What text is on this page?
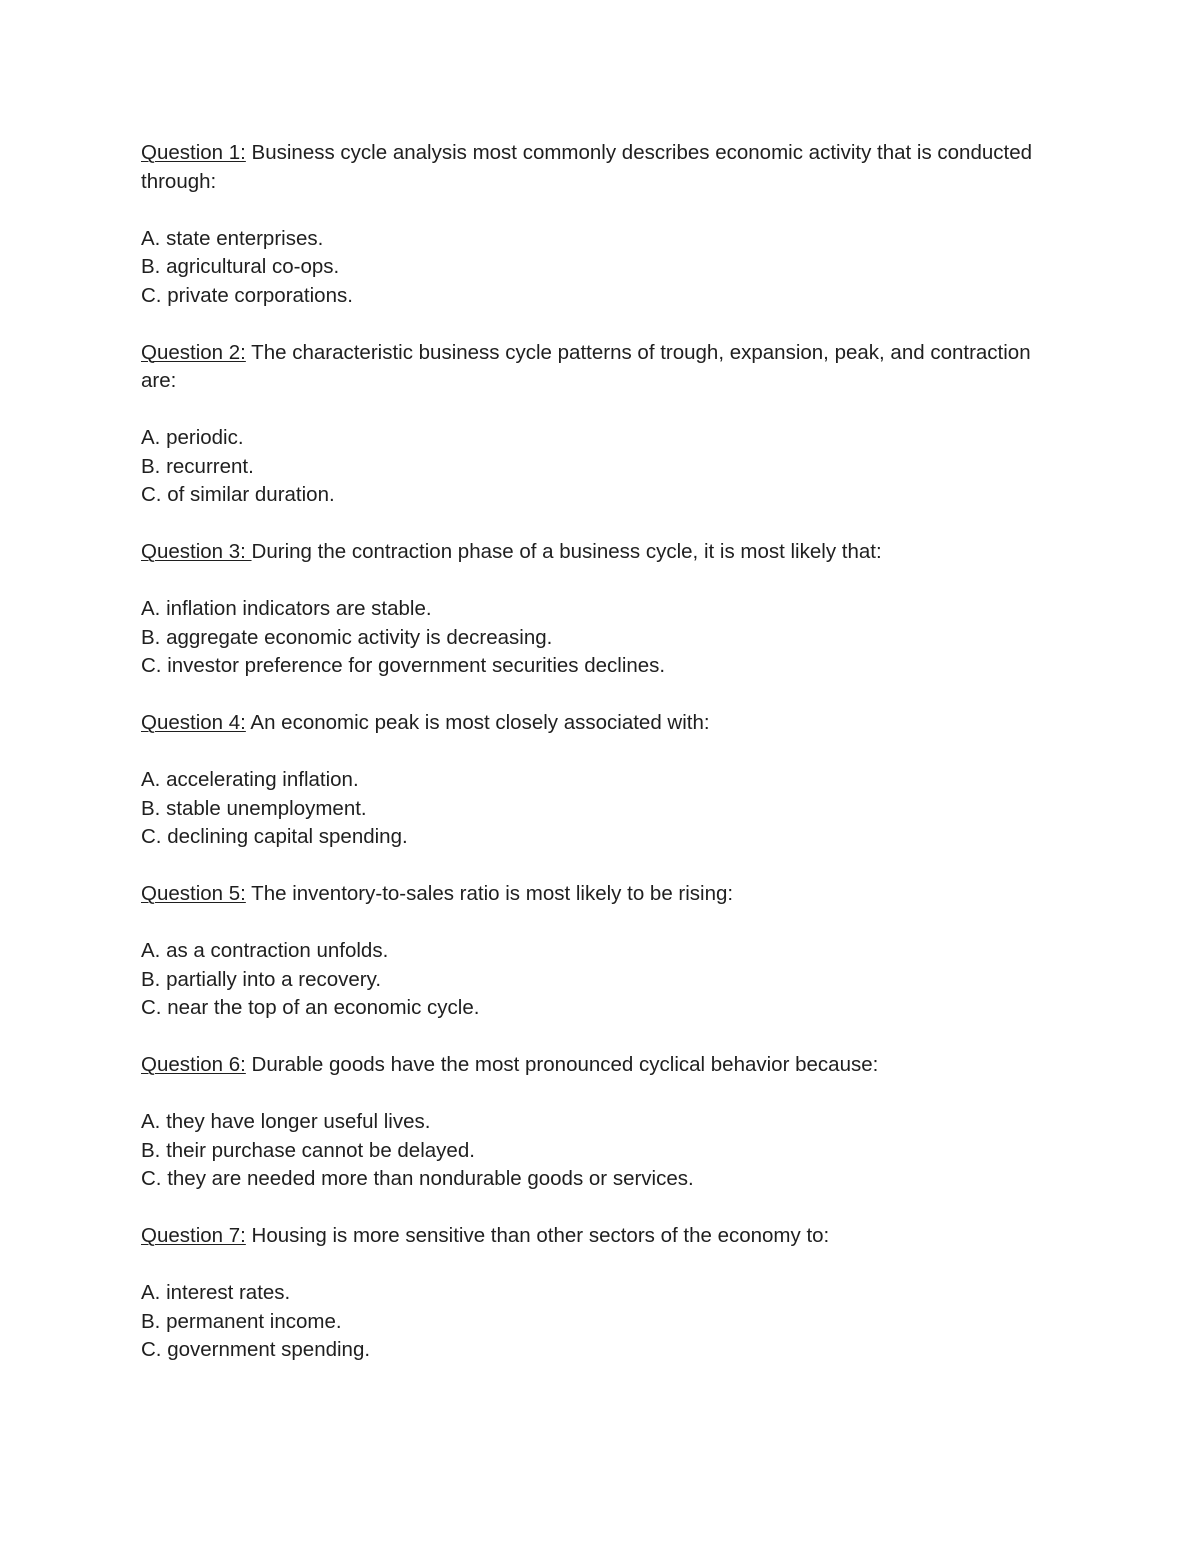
Question 1: Business cycle analysis most commonly describes economic activity that is conducted through:
A. state enterprises.
B. agricultural co-ops.
C. private corporations.
Question 2: The characteristic business cycle patterns of trough, expansion, peak, and contraction are:
A. periodic.
B. recurrent.
C. of similar duration.
Question 3: During the contraction phase of a business cycle, it is most likely that:
A. inflation indicators are stable.
B. aggregate economic activity is decreasing.
C. investor preference for government securities declines.
Question 4: An economic peak is most closely associated with:
A. accelerating inflation.
B. stable unemployment.
C. declining capital spending.
Question 5: The inventory-to-sales ratio is most likely to be rising:
A. as a contraction unfolds.
B. partially into a recovery.
C. near the top of an economic cycle.
Question 6: Durable goods have the most pronounced cyclical behavior because:
A. they have longer useful lives.
B. their purchase cannot be delayed.
C. they are needed more than nondurable goods or services.
Question 7: Housing is more sensitive than other sectors of the economy to:
A. interest rates.
B. permanent income.
C. government spending.
